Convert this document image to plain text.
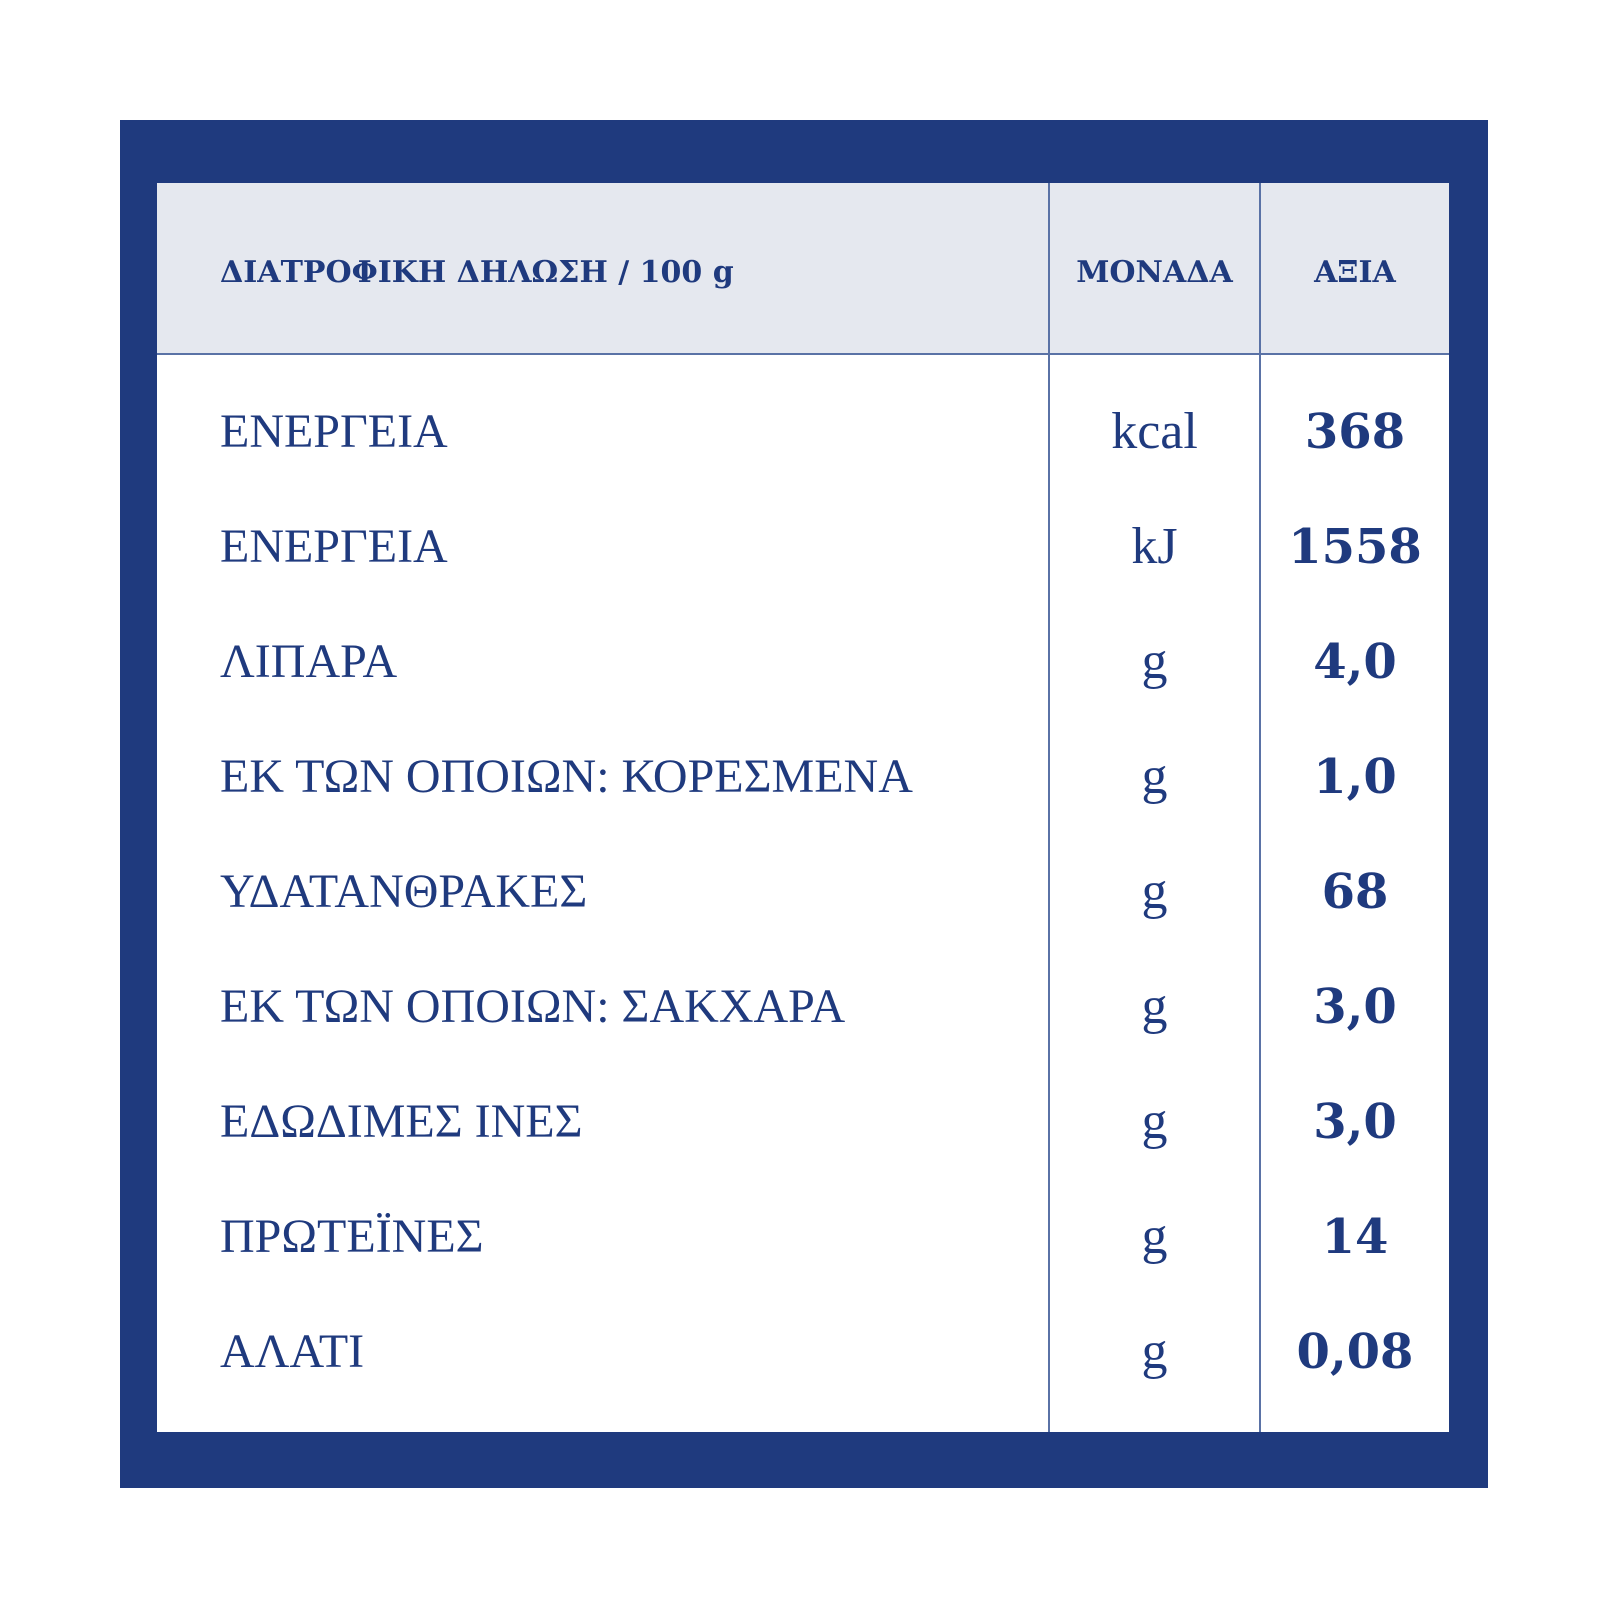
ΔΙΑΤΡΟΦΙΚΗ ΔΗΛΩΣΗ / 100 g	ΜΟΝΑΔΑ	ΑΞΙΑ
ΕΝΕΡΓΕΙΑ	kcal	368
ΕΝΕΡΓΕΙΑ	kJ	1558
ΛΙΠΑΡΑ	g	4,0
ΕΚ ΤΩΝ ΟΠΟΙΩΝ: ΚΟΡΕΣΜΕΝΑ	g	1,0
ΥΔΑΤΑΝΘΡΑΚΕΣ	g	68
ΕΚ ΤΩΝ ΟΠΟΙΩΝ: ΣΑΚΧΑΡΑ	g	3,0
ΕΔΩΔΙΜΕΣ ΙΝΕΣ	g	3,0
ΠΡΩΤΕΪΝΕΣ	g	14
ΑΛΑΤΙ	g	0,08
